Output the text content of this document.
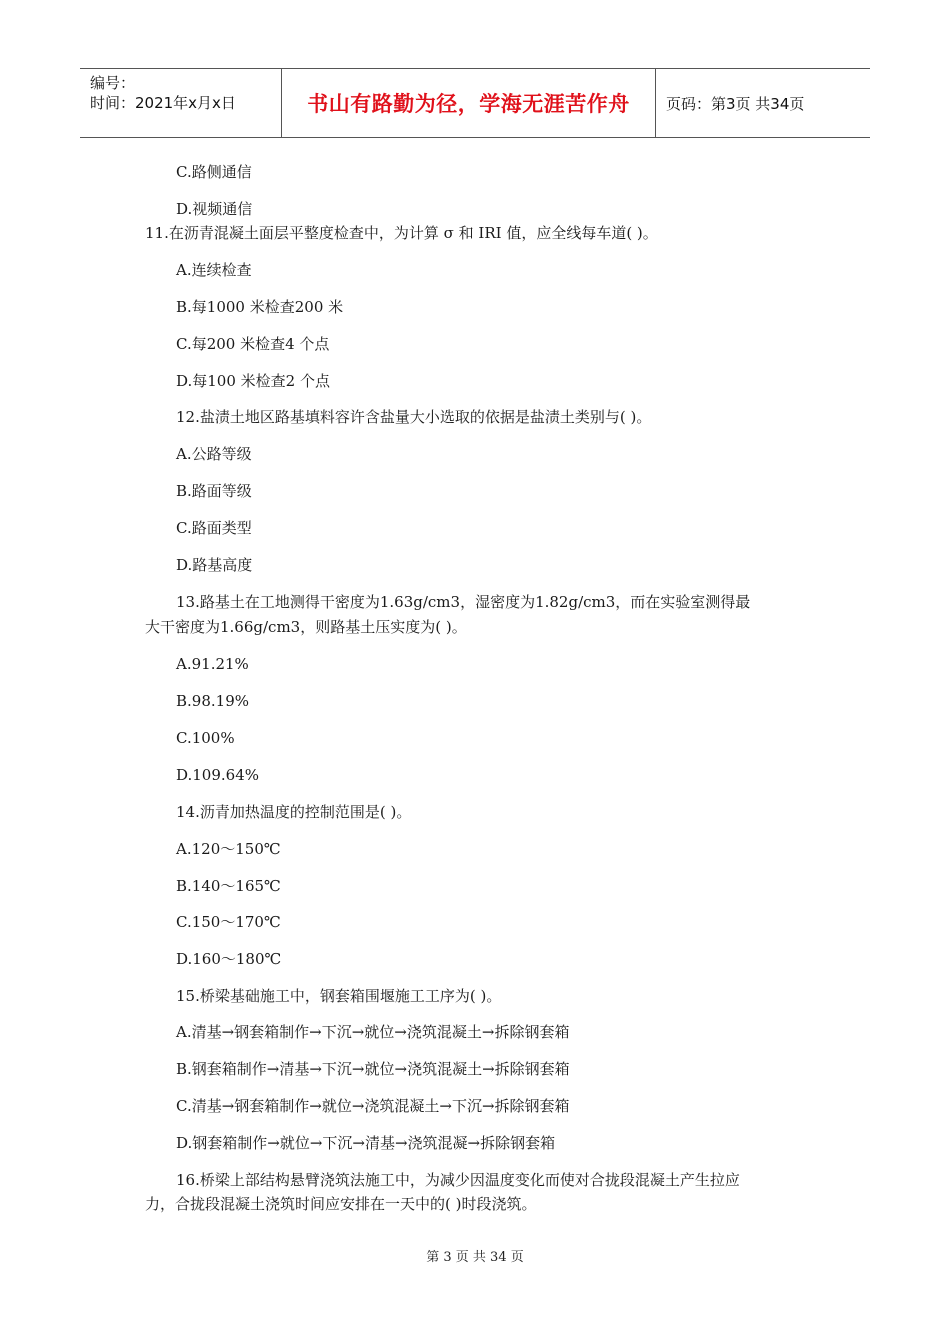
编号：
时间：2021年x月x日	书山有路勤为径，学海无涯苦作舟	页码：第3页 共34页
C.路侧通信
D.视频通信
11.在沥青混凝土面层平整度检查中，为计算 σ 和 IRI 值，应全线每车道( )。
A.连续检查
B.每1000 米检查200 米
C.每200 米检查4 个点
D.每100 米检查2 个点
12.盐渍土地区路基填料容许含盐量大小选取的依据是盐渍土类别与( )。
A.公路等级
B.路面等级
C.路面类型
D.路基高度
13.路基土在工地测得干密度为1.63g/cm3，湿密度为1.82g/cm3，而在实验室测得最
大干密度为1.66g/cm3，则路基土压实度为( )。
A.91.21%
B.98.19%
C.100%
D.109.64%
14.沥青加热温度的控制范围是( )。
A.120～150℃
B.140～165℃
C.150～170℃
D.160～180℃
15.桥梁基础施工中，钢套箱围堰施工工序为( )。
A.清基→钢套箱制作→下沉→就位→浇筑混凝土→拆除钢套箱
B.钢套箱制作→清基→下沉→就位→浇筑混凝土→拆除钢套箱
C.清基→钢套箱制作→就位→浇筑混凝土→下沉→拆除钢套箱
D.钢套箱制作→就位→下沉→清基→浇筑混凝→拆除钢套箱
16.桥梁上部结构悬臂浇筑法施工中，为减少因温度变化而使对合拢段混凝土产生拉应
力，合拢段混凝土浇筑时间应安排在一天中的( )时段浇筑。
第 3 页 共 34 页
